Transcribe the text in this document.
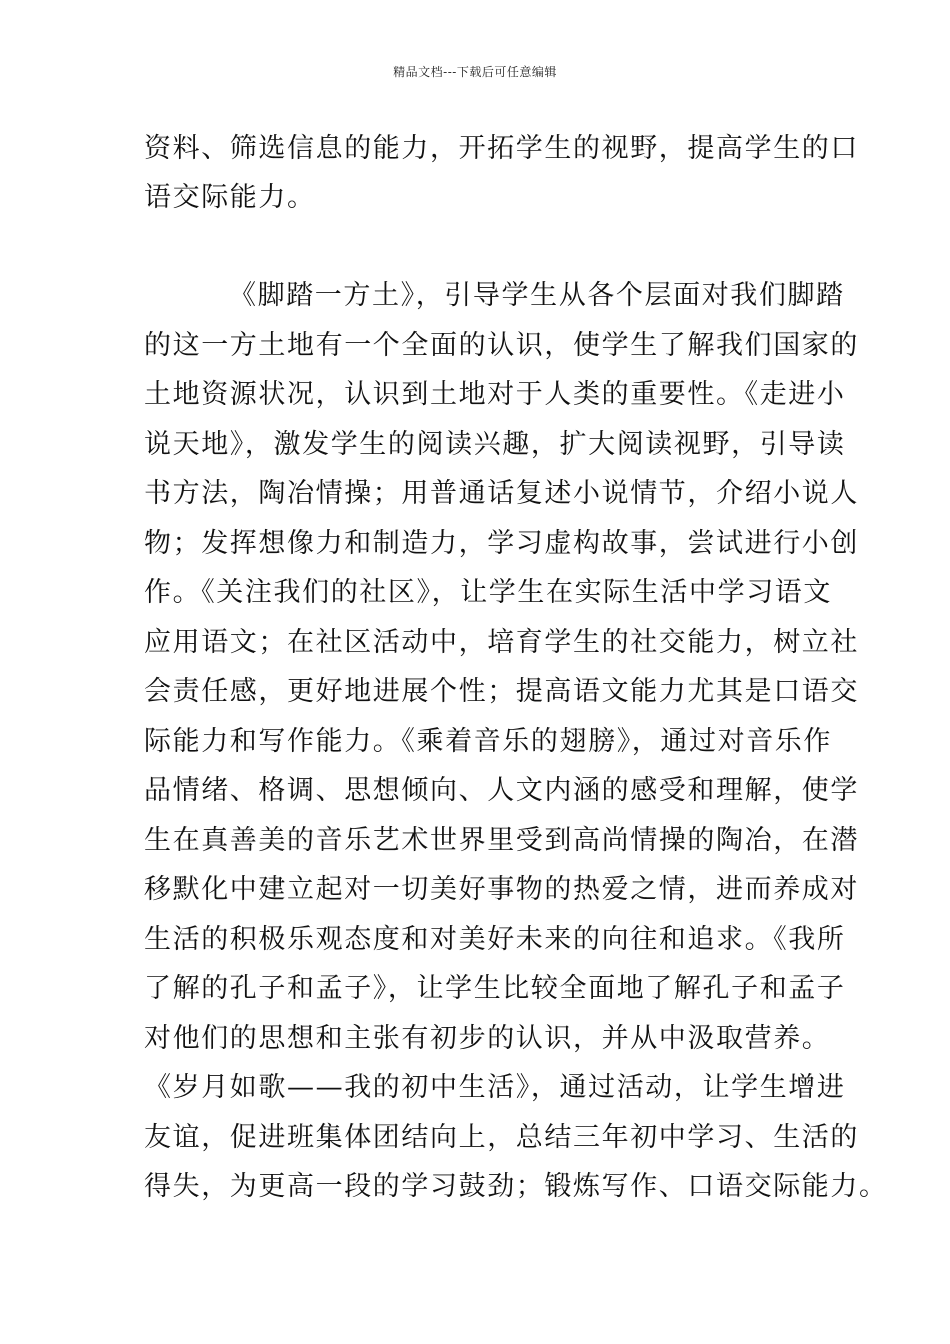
精品文档---下载后可任意编辑
资料、筛选信息的能力，开拓学生的视野，提高学生的口
语交际能力。
《脚踏一方土》，引导学生从各个层面对我们脚踏
的这一方土地有一个全面的认识，使学生了解我们国家的
土地资源状况，认识到土地对于人类的重要性。《走进小
说天地》，激发学生的阅读兴趣，扩大阅读视野，引导读
书方法，陶冶情操；用普通话复述小说情节，介绍小说人
物；发挥想像力和制造力，学习虚构故事，尝试进行小创
作。《关注我们的社区》，让学生在实际生活中学习语文
应用语文；在社区活动中，培育学生的社交能力，树立社
会责任感，更好地进展个性；提高语文能力尤其是口语交
际能力和写作能力。《乘着音乐的翅膀》，通过对音乐作
品情绪、格调、思想倾向、人文内涵的感受和理解，使学
生在真善美的音乐艺术世界里受到高尚情操的陶冶，在潜
移默化中建立起对一切美好事物的热爱之情，进而养成对
生活的积极乐观态度和对美好未来的向往和追求。《我所
了解的孔子和孟子》，让学生比较全面地了解孔子和孟子
对他们的思想和主张有初步的认识，并从中汲取营养。
《岁月如歌——我的初中生活》，通过活动，让学生增进
友谊，促进班集体团结向上，总结三年初中学习、生活的
得失，为更高一段的学习鼓劲；锻炼写作、口语交际能力。
